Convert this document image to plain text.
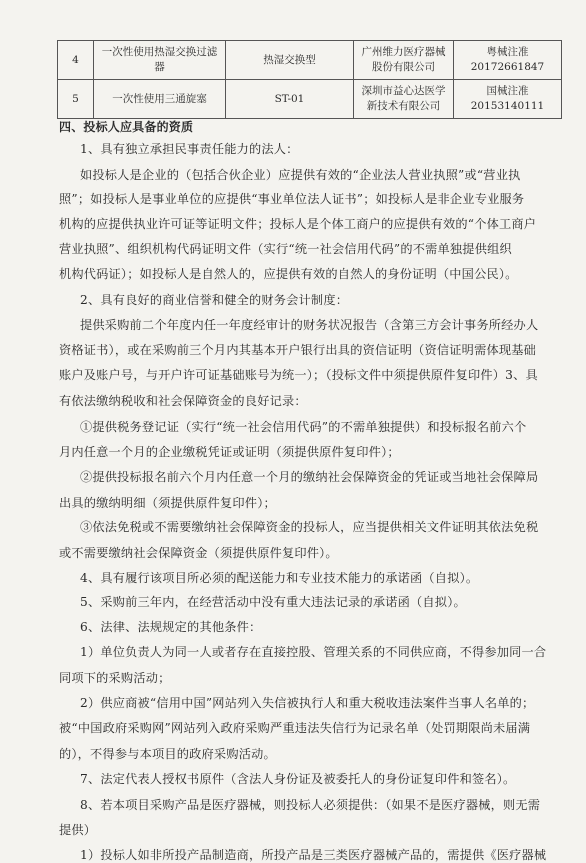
4	一次性使用热湿交换过滤器	热湿交换型	广州维力医疗器械股份有限公司	粤械注准 20172661847
5	一次性使用三通旋塞	ST-01	深圳市益心达医学新技术有限公司	国械注准 20153140111
四、投标人应具备的资质
1、具有独立承担民事责任能力的法人：
如投标人是企业的（包括合伙企业）应提供有效的“企业法人营业执照”或“营业执
照”；如投标人是事业单位的应提供“事业单位法人证书”；如投标人是非企业专业服务
机构的应提供执业许可证等证明文件；投标人是个体工商户的应提供有效的“个体工商户
营业执照”、组织机构代码证明文件（实行“统一社会信用代码”的不需单独提供组织
机构代码证）；如投标人是自然人的，应提供有效的自然人的身份证明（中国公民）。
2、具有良好的商业信誉和健全的财务会计制度：
提供采购前二个年度内任一年度经审计的财务状况报告（含第三方会计事务所经办人
资格证书），或在采购前三个月内其基本开户银行出具的资信证明（资信证明需体现基础
账户及账户号，与开户许可证基础账号为统一）；（投标文件中须提供原件复印件）3、具
有依法缴纳税收和社会保障资金的良好记录：
①提供税务登记证（实行“统一社会信用代码”的不需单独提供）和投标报名前六个
月内任意一个月的企业缴税凭证或证明（须提供原件复印件）；
②提供投标报名前六个月内任意一个月的缴纳社会保障资金的凭证或当地社会保障局
出具的缴纳明细（须提供原件复印件）；
③依法免税或不需要缴纳社会保障资金的投标人，应当提供相关文件证明其依法免税
或不需要缴纳社会保障资金（须提供原件复印件）。
4、具有履行该项目所必须的配送能力和专业技术能力的承诺函（自拟）。
5、采购前三年内，在经营活动中没有重大违法记录的承诺函（自拟）。
6、法律、法规规定的其他条件：
1）单位负责人为同一人或者存在直接控股、管理关系的不同供应商，不得参加同一合
同项下的采购活动；
2）供应商被“信用中国”网站列入失信被执行人和重大税收违法案件当事人名单的；
被“中国政府采购网”网站列入政府采购严重违法失信行为记录名单（处罚期限尚未届满
的），不得参与本项目的政府采购活动。
7、法定代表人授权书原件（含法人身份证及被委托人的身份证复印件和签名）。
8、若本项目采购产品是医疗器械，则投标人必须提供：（如果不是医疗器械，则无需
提供）
1）投标人如非所投产品制造商，所投产品是三类医疗器械产品的，需提供《医疗器械
